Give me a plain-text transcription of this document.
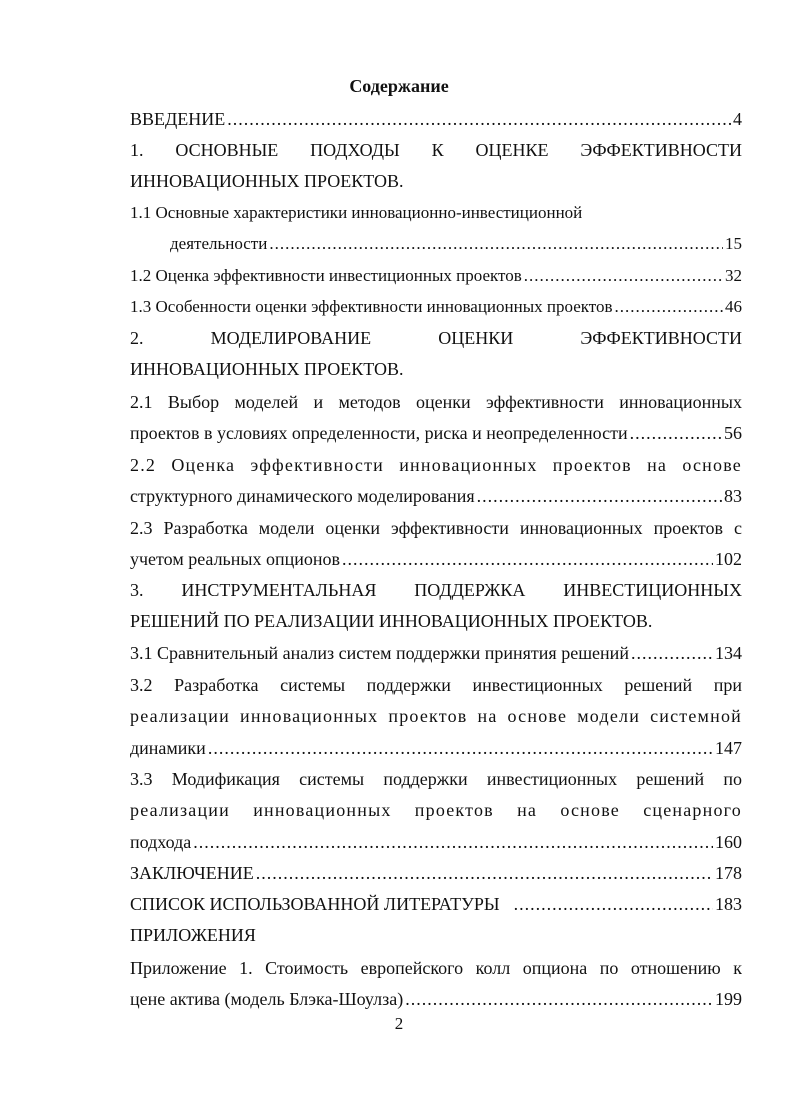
Содержание
ВВЕДЕНИЕ .....	4
1. ОСНОВНЫЕ ПОДХОДЫ К ОЦЕНКЕ ЭФФЕКТИВНОСТИ
ИННОВАЦИОННЫХ ПРОЕКТОВ.
1.1 Основные характеристики инновационно-инвестиционной
деятельности .....	15
1.2 Оценка эффективности инвестиционных проектов .....	32
1.3 Особенности оценки эффективности инновационных проектов .....	46
2.	МОДЕЛИРОВАНИЕ	ОЦЕНКИ	ЭФФЕКТИВНОСТИ
ИННОВАЦИОННЫХ ПРОЕКТОВ.
2.1 Выбор моделей и методов оценки эффективности инновационных
проектов в условиях определенности, риска и неопределенности .....	56
2.2 Оценка эффективности инновационных проектов на основе
структурного динамического моделирования .....	83
2.3 Разработка модели оценки эффективности инновационных проектов с
учетом реальных опционов .....	102
3. ИНСТРУМЕНТАЛЬНАЯ ПОДДЕРЖКА ИНВЕСТИЦИОННЫХ
РЕШЕНИЙ ПО РЕАЛИЗАЦИИ ИННОВАЦИОННЫХ ПРОЕКТОВ.
3.1 Сравнительный анализ систем поддержки принятия решений .....	134
3.2 Разработка системы поддержки инвестиционных решений при
реализации инновационных проектов на основе модели системной
динамики .....	147
3.3 Модификация системы поддержки инвестиционных решений по
реализации инновационных проектов на основе сценарного
подхода .....	160
ЗАКЛЮЧЕНИЕ .....	178
СПИСОК ИСПОЛЬЗОВАННОЙ ЛИТЕРАТУРЫ .....	183
ПРИЛОЖЕНИЯ
Приложение 1. Стоимость европейского колл опциона по отношению к
цене актива (модель Блэка-Шоулза) .....	199
2
